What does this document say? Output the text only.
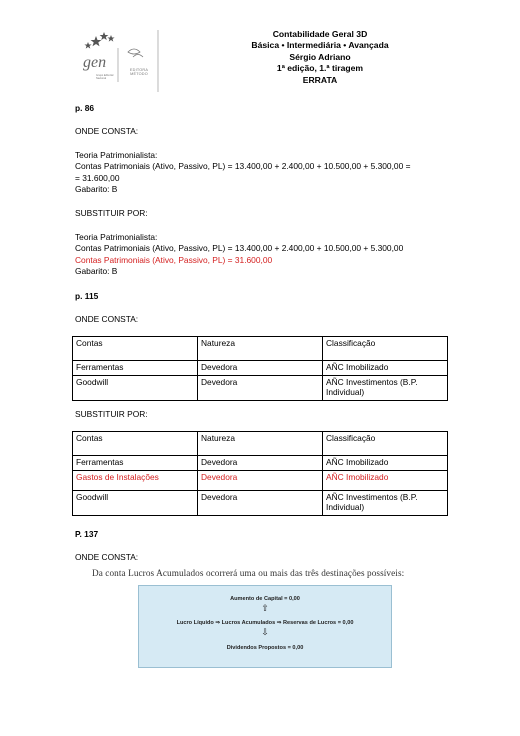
gen
Grupo Editorial Nacional
EDITORA MÉTODO
Contabilidade Geral 3D
Básica • Intermediária • Avançada
Sérgio Adriano
1ª edição, 1.ª tiragem
ERRATA
p. 86
ONDE CONSTA:
Teoria Patrimonialista:
Contas Patrimoniais (Ativo, Passivo, PL) = 13.400,00 + 2.400,00 + 10.500,00 + 5.300,00 =
= 31.600,00
Gabarito: B
SUBSTITUIR POR:
Teoria Patrimonialista:
Contas Patrimoniais (Ativo, Passivo, PL) = 13.400,00 + 2.400,00 + 10.500,00 + 5.300,00
Contas Patrimoniais (Ativo, Passivo, PL) = 31.600,00
Gabarito: B
p. 115
ONDE CONSTA:
Contas	Natureza	Classificação
Ferramentas	Devedora	AÑC Imobilizado
Goodwill	Devedora	AÑC Investimentos (B.P. Individual)
SUBSTITUIR POR:
Contas	Natureza	Classificação
Ferramentas	Devedora	AÑC Imobilizado
Gastos de Instalações	Devedora	AÑC Imobilizado
Goodwill	Devedora	AÑC Investimentos (B.P. Individual)
P. 137
ONDE CONSTA:
Da conta Lucros Acumulados ocorrerá uma ou mais das três destinações possíveis:
Aumento de Capital = 0,00
⇧
Lucro Líquido ⇒ Lucros Acumulados ⇒ Reservas de Lucros = 0,00
⇩
Dividendos Propostos = 0,00
